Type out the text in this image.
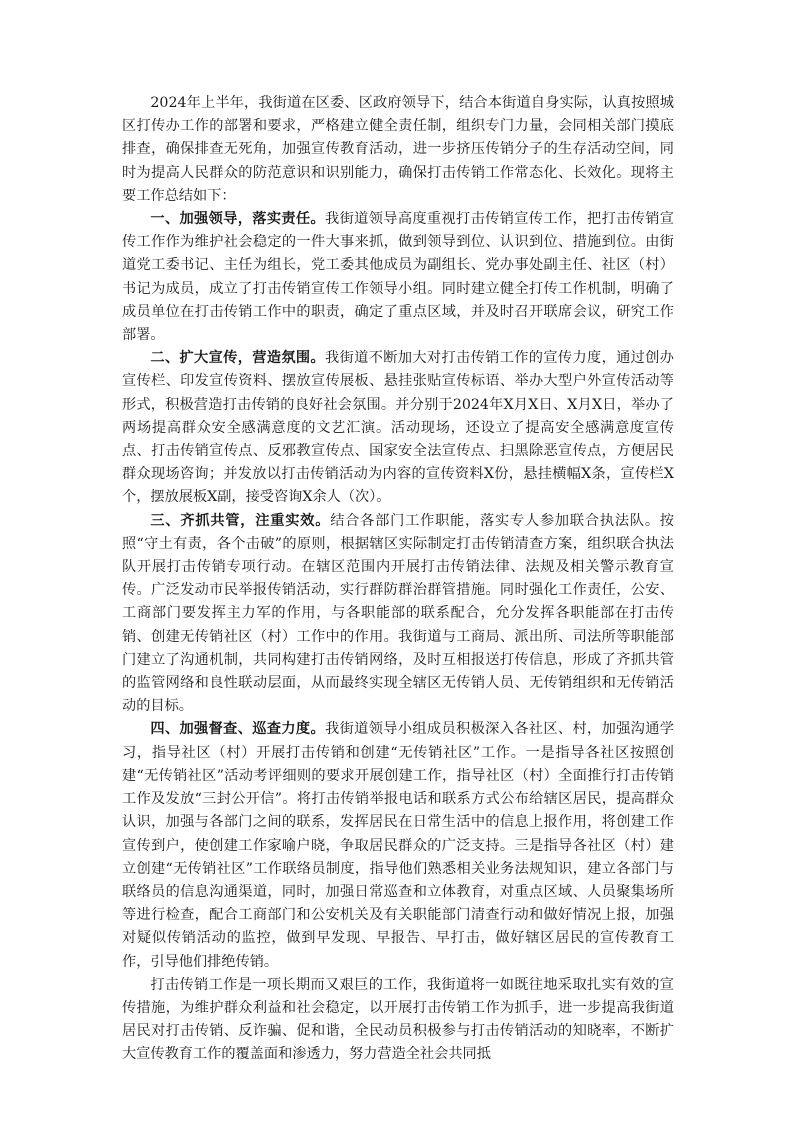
2024年上半年，我街道在区委、区政府领导下，结合本街道自身实际，认真按照城区打传办工作的部署和要求，严格建立健全责任制，组织专门力量，会同相关部门摸底排查，确保排查无死角，加强宣传教育活动，进一步挤压传销分子的生存活动空间，同时为提高人民群众的防范意识和识别能力，确保打击传销工作常态化、长效化。现将主要工作总结如下：

一、加强领导，落实责任。我街道领导高度重视打击传销宣传工作，把打击传销宣传工作作为维护社会稳定的一件大事来抓，做到领导到位、认识到位、措施到位。由街道党工委书记、主任为组长，党工委其他成员为副组长、党办事处副主任、社区（村）书记为成员，成立了打击传销宣传工作领导小组。同时建立健全打传工作机制，明确了成员单位在打击传销工作中的职责，确定了重点区域，并及时召开联席会议，研究工作部署。

二、扩大宣传，营造氛围。我街道不断加大对打击传销工作的宣传力度，通过创办宣传栏、印发宣传资料、摆放宣传展板、悬挂张贴宣传标语、举办大型户外宣传活动等形式，积极营造打击传销的良好社会氛围。并分别于2024年X月X日、X月X日，举办了两场提高群众安全感满意度的文艺汇演。活动现场，还设立了提高安全感满意度宣传点、打击传销宣传点、反邪教宣传点、国家安全法宣传点、扫黑除恶宣传点，方便居民群众现场咨询；并发放以打击传销活动为内容的宣传资料X份，悬挂横幅X条，宣传栏X个，摆放展板X副，接受咨询X余人（次）。

三、齐抓共管，注重实效。结合各部门工作职能，落实专人参加联合执法队。按照“守土有责，各个击破”的原则，根据辖区实际制定打击传销清查方案，组织联合执法队开展打击传销专项行动。在辖区范围内开展打击传销法律、法规及相关警示教育宣传。广泛发动市民举报传销活动，实行群防群治群管措施。同时强化工作责任，公安、工商部门要发挥主力军的作用，与各职能部的联系配合，允分发挥各职能部在打击传销、创建无传销社区（村）工作中的作用。我街道与工商局、派出所、司法所等职能部门建立了沟通机制，共同构建打击传销网络，及时互相报送打传信息，形成了齐抓共管的监管网络和良性联动层面，从而最终实现全辖区无传销人员、无传销组织和无传销活动的目标。

四、加强督查、巡查力度。我街道领导小组成员积极深入各社区、村，加强沟通学习，指导社区（村）开展打击传销和创建“无传销社区”工作。一是指导各社区按照创建“无传销社区”活动考评细则的要求开展创建工作，指导社区（村）全面推行打击传销工作及发放“三封公开信”。将打击传销举报电话和联系方式公布给辖区居民，提高群众认识，加强与各部门之间的联系，发挥居民在日常生活中的信息上报作用，将创建工作宣传到户，使创建工作家喻户晓，争取居民群众的广泛支持。三是指导各社区（村）建立创建“无传销社区”工作联络员制度，指导他们熟悉相关业务法规知识，建立各部门与联络员的信息沟通渠道，同时，加强日常巡查和立体教育，对重点区域、人员聚集场所等进行检查，配合工商部门和公安机关及有关职能部门清查行动和做好情况上报，加强对疑似传销活动的监控，做到早发现、早报告、早打击，做好辖区居民的宣传教育工作，引导他们排绝传销。

打击传销工作是一项长期而又艰巨的工作，我街道将一如既往地采取扎实有效的宣传措施，为维护群众利益和社会稳定，以开展打击传销工作为抓手，进一步提高我街道居民对打击传销、反诈骗、促和谐，全民动员积极参与打击传销活动的知晓率，不断扩大宣传教育工作的覆盖面和渗透力，努力营造全社会共同抵
